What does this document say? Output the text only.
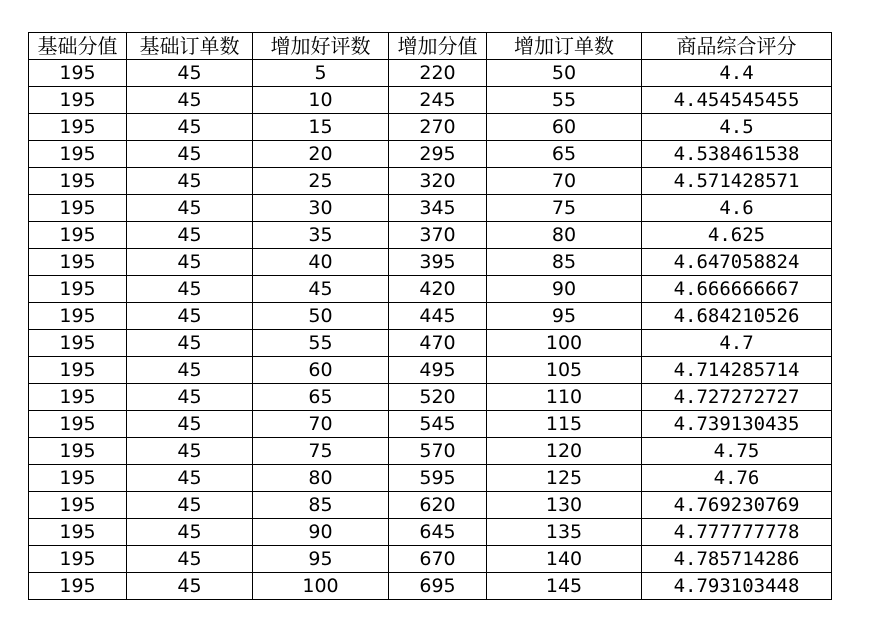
基础分值	基础订单数	增加好评数	增加分值	增加订单数	商品综合评分
195	45	5	220	50	4.4
195	45	10	245	55	4.454545455
195	45	15	270	60	4.5
195	45	20	295	65	4.538461538
195	45	25	320	70	4.571428571
195	45	30	345	75	4.6
195	45	35	370	80	4.625
195	45	40	395	85	4.647058824
195	45	45	420	90	4.666666667
195	45	50	445	95	4.684210526
195	45	55	470	100	4.7
195	45	60	495	105	4.714285714
195	45	65	520	110	4.727272727
195	45	70	545	115	4.739130435
195	45	75	570	120	4.75
195	45	80	595	125	4.76
195	45	85	620	130	4.769230769
195	45	90	645	135	4.777777778
195	45	95	670	140	4.785714286
195	45	100	695	145	4.793103448
